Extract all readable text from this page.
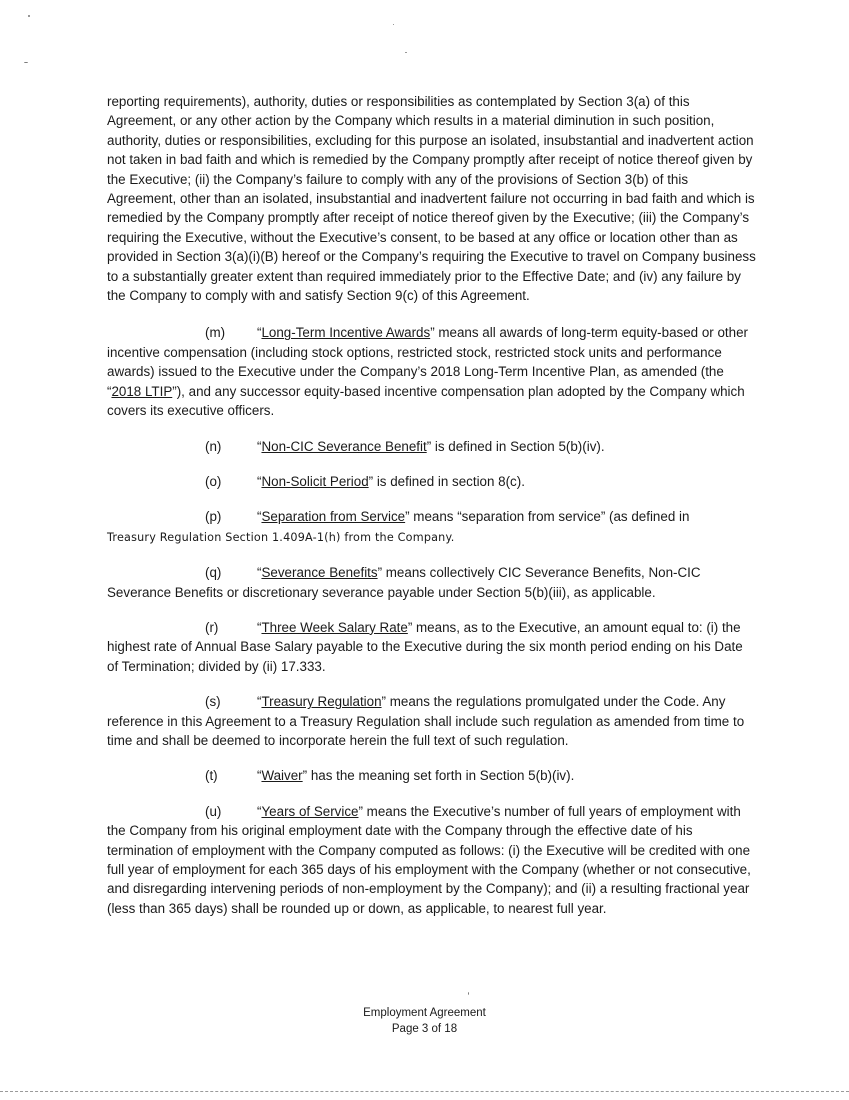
reporting requirements), authority, duties or responsibilities as contemplated by Section 3(a) of this Agreement, or any other action by the Company which results in a material diminution in such position, authority, duties or responsibilities, excluding for this purpose an isolated, insubstantial and inadvertent action not taken in bad faith and which is remedied by the Company promptly after receipt of notice thereof given by the Executive; (ii) the Company’s failure to comply with any of the provisions of Section 3(b) of this Agreement, other than an isolated, insubstantial and inadvertent failure not occurring in bad faith and which is remedied by the Company promptly after receipt of notice thereof given by the Executive; (iii) the Company’s requiring the Executive, without the Executive’s consent, to be based at any office or location other than as provided in Section 3(a)(i)(B) hereof or the Company’s requiring the Executive to travel on Company business to a substantially greater extent than required immediately prior to the Effective Date; and (iv) any failure by the Company to comply with and satisfy Section 9(c) of this Agreement.

(m) “Long-Term Incentive Awards” means all awards of long-term equity-based or other incentive compensation (including stock options, restricted stock, restricted stock units and performance awards) issued to the Executive under the Company’s 2018 Long-Term Incentive Plan, as amended (the “2018 LTIP”), and any successor equity-based incentive compensation plan adopted by the Company which covers its executive officers.

(n)	“Non-CIC Severance Benefit” is defined in Section 5(b)(iv).

(o)	“Non-Solicit Period” is defined in section 8(c).

(p)	“Separation from Service” means “separation from service” (as defined in
Treasury Regulation Section 1.409A-1(h) from the Company.

(q)	“Severance Benefits” means collectively CIC Severance Benefits, Non-CIC Severance Benefits or discretionary severance payable under Section 5(b)(iii), as applicable.

(r)	“Three Week Salary Rate” means, as to the Executive, an amount equal to: (i) the highest rate of Annual Base Salary payable to the Executive during the six month period ending on his Date of Termination; divided by (ii) 17.333.

(s)	“Treasury Regulation” means the regulations promulgated under the Code. Any reference in this Agreement to a Treasury Regulation shall include such regulation as amended from time to time and shall be deemed to incorporate herein the full text of such regulation.

(t)	“Waiver” has the meaning set forth in Section 5(b)(iv).

(u)	“Years of Service” means the Executive’s number of full years of employment with the Company from his original employment date with the Company through the effective date of his termination of employment with the Company computed as follows: (i) the Executive will be credited with one full year of employment for each 365 days of his employment with the Company (whether or not consecutive, and disregarding intervening periods of non-employment by the Company); and (ii) a resulting fractional year (less than 365 days) shall be rounded up or down, as applicable, to nearest full year.

Employment Agreement
Page 3 of 18
